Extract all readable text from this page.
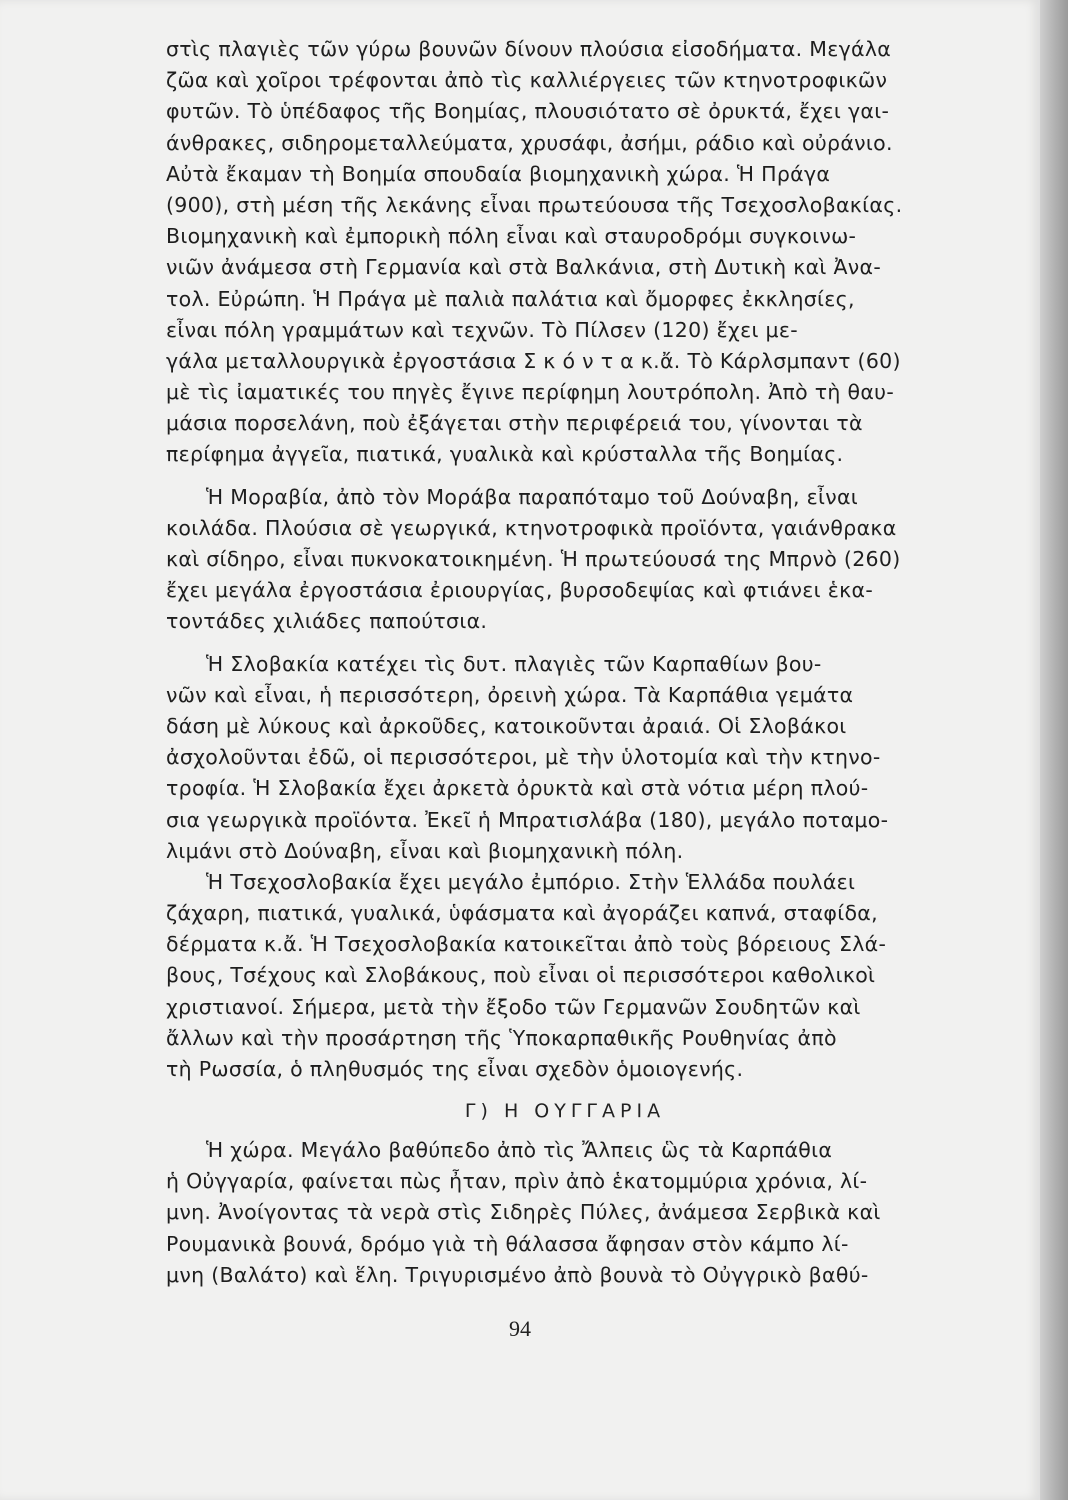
στὶς πλαγιὲς τῶν γύρω βουνῶν δίνουν πλούσια εἰσοδήματα. Μεγάλα
ζῶα καὶ χοῖροι τρέφονται ἀπὸ τὶς καλλιέργειες τῶν κτηνοτροφικῶν
φυτῶν. Τὸ ὑπέδαφος τῆς Βοημίας, πλουσιότατο σὲ ὀρυκτά, ἔχει γαι-
άνθρακες, σιδηρομεταλλεύματα, χρυσάφι, ἀσήμι, ράδιο καὶ οὐράνιο.
Αὐτὰ ἔκαμαν τὴ Βοημία σπουδαία βιομηχανικὴ χώρα. Ἡ Πράγα
(900), στὴ μέση τῆς λεκάνης εἶναι πρωτεύουσα τῆς Τσεχοσλοβακίας.
Βιομηχανικὴ καὶ ἐμπορικὴ πόλη εἶναι καὶ σταυροδρόμι συγκοινω-
νιῶν ἀνάμεσα στὴ Γερμανία καὶ στὰ Βαλκάνια, στὴ Δυτικὴ καὶ Ἀνα-
τολ. Εὐρώπη. Ἡ Πράγα μὲ παλιὰ παλάτια καὶ ὄμορφες ἐκκλησίες,
εἶναι πόλη γραμμάτων καὶ τεχνῶν. Τὸ Πίλσεν (120) ἔχει με-
γάλα μεταλλουργικὰ ἐργοστάσια Σ κ ό ν τ α κ.ἄ. Τὸ Κάρλσμπαντ (60)
μὲ τὶς ἰαματικές του πηγὲς ἔγινε περίφημη λουτρόπολη. Ἀπὸ τὴ θαυ-
μάσια πορσελάνη, ποὺ ἐξάγεται στὴν περιφέρειά του, γίνονται τὰ
περίφημα ἀγγεῖα, πιατικά, γυαλικὰ καὶ κρύσταλλα τῆς Βοημίας.
Ἡ Μοραβία, ἀπὸ τὸν Μοράβα παραπόταμο τοῦ Δούναβη, εἶναι
κοιλάδα. Πλούσια σὲ γεωργικά, κτηνοτροφικὰ προϊόντα, γαιάνθρακα
καὶ σίδηρο, εἶναι πυκνοκατοικημένη. Ἡ πρωτεύουσά της Μπρνὸ (260)
ἔχει μεγάλα ἐργοστάσια ἐριουργίας, βυρσοδεψίας καὶ φτιάνει ἑκα-
τοντάδες χιλιάδες παπούτσια.
Ἡ Σλοβακία κατέχει τὶς δυτ. πλαγιὲς τῶν Καρπαθίων βου-
νῶν καὶ εἶναι, ἡ περισσότερη, ὀρεινὴ χώρα. Τὰ Καρπάθια γεμάτα
δάση μὲ λύκους καὶ ἀρκοῦδες, κατοικοῦνται ἀραιά. Οἱ Σλοβάκοι
ἀσχολοῦνται ἐδῶ, οἱ περισσότεροι, μὲ τὴν ὑλοτομία καὶ τὴν κτηνο-
τροφία. Ἡ Σλοβακία ἔχει ἀρκετὰ ὀρυκτὰ καὶ στὰ νότια μέρη πλού-
σια γεωργικὰ προϊόντα. Ἐκεῖ ἡ Μπρατισλάβα (180), μεγάλο ποταμο-
λιμάνι στὸ Δούναβη, εἶναι καὶ βιομηχανικὴ πόλη.
Ἡ Τσεχοσλοβακία ἔχει μεγάλο ἐμπόριο. Στὴν Ἑλλάδα πουλάει
ζάχαρη, πιατικά, γυαλικά, ὑφάσματα καὶ ἀγοράζει καπνά, σταφίδα,
δέρματα κ.ἄ. Ἡ Τσεχοσλοβακία κατοικεῖται ἀπὸ τοὺς βόρειους Σλά-
βους, Τσέχους καὶ Σλοβάκους, ποὺ εἶναι οἱ περισσότεροι καθολικοὶ
χριστιανοί. Σήμερα, μετὰ τὴν ἔξοδο τῶν Γερμανῶν Σουδητῶν καὶ
ἄλλων καὶ τὴν προσάρτηση τῆς Ὑποκαρπαθικῆς Ρουθηνίας ἀπὸ
τὴ Ρωσσία, ὁ πληθυσμός της εἶναι σχεδὸν ὁμοιογενής.
Γ) Η ΟΥΓΓΑΡΙΑ
Ἡ χώρα. Μεγάλο βαθύπεδο ἀπὸ τὶς Ἄλπεις ὣς τὰ Καρπάθια
ἡ Οὐγγαρία, φαίνεται πὼς ἦταν, πρὶν ἀπὸ ἑκατομμύρια χρόνια, λί-
μνη. Ἀνοίγοντας τὰ νερὰ στὶς Σιδηρὲς Πύλες, ἀνάμεσα Σερβικὰ καὶ
Ρουμανικὰ βουνά, δρόμο γιὰ τὴ θάλασσα ἄφησαν στὸν κάμπο λί-
μνη (Βαλάτο) καὶ ἕλη. Τριγυρισμένο ἀπὸ βουνὰ τὸ Οὐγγρικὸ βαθύ-
94
